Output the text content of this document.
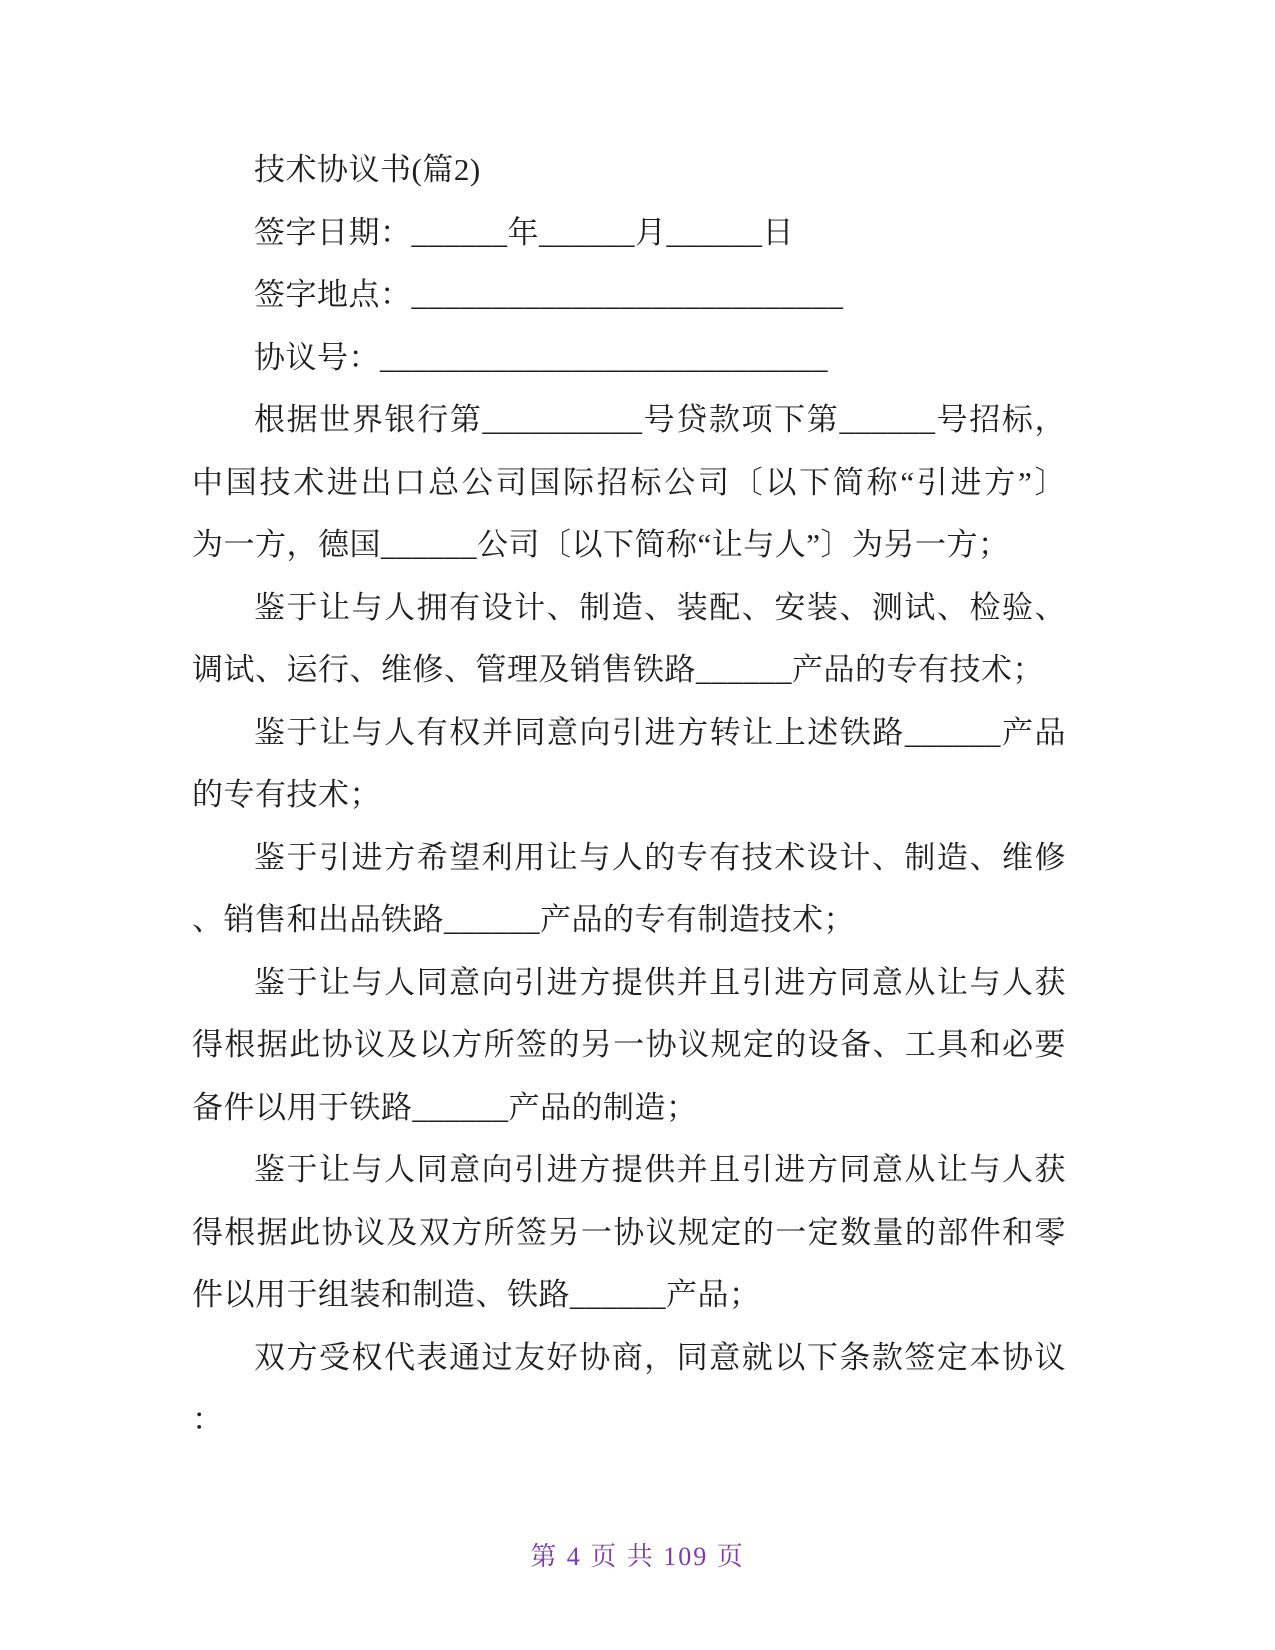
技术协议书(篇2)
签字日期：______年______月______日
签字地点：___________________________
协议号：____________________________
根据世界银行第__________号贷款项下第______号招标，
中国技术进出口总公司国际招标公司〔以下简称“引进方”〕
为一方，德国______公司〔以下简称“让与人”〕为另一方；
鉴于让与人拥有设计、制造、装配、安装、测试、检验、
调试、运行、维修、管理及销售铁路______产品的专有技术；
鉴于让与人有权并同意向引进方转让上述铁路______产品
的专有技术；
鉴于引进方希望利用让与人的专有技术设计、制造、维修
、销售和出品铁路______产品的专有制造技术；
鉴于让与人同意向引进方提供并且引进方同意从让与人获
得根据此协议及以方所签的另一协议规定的设备、工具和必要
备件以用于铁路______产品的制造；
鉴于让与人同意向引进方提供并且引进方同意从让与人获
得根据此协议及双方所签另一协议规定的一定数量的部件和零
件以用于组装和制造、铁路______产品；
双方受权代表通过友好协商，同意就以下条款签定本协议
：
第 4 页 共 109 页
